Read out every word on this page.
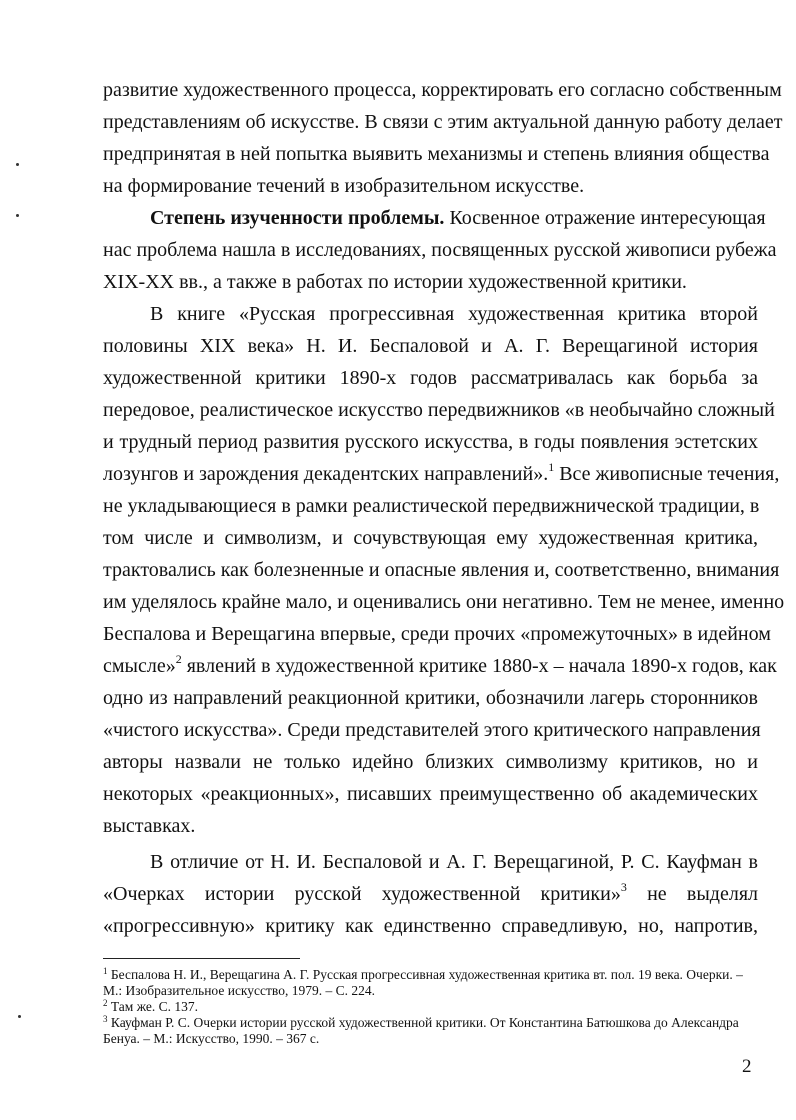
развитие художественного процесса, корректировать его согласно собственным
представлениям об искусстве. В связи с этим актуальной данную работу делает
предпринятая в ней попытка выявить механизмы и степень влияния общества
на формирование течений в изобразительном искусстве.
Степень изученности проблемы. Косвенное отражение интересующая
нас проблема нашла в исследованиях, посвященных русской живописи рубежа
XIX-XX вв., а также в работах по истории художественной критики.
В книге «Русская прогрессивная художественная критика второй
половины XIX века» Н. И. Беспаловой и А. Г. Верещагиной история
художественной критики 1890-х годов рассматривалась как борьба за
передовое, реалистическое искусство передвижников «в необычайно сложный
и трудный период развития русского искусства, в годы появления эстетских
лозунгов и зарождения декадентских направлений».$^1$ Все живописные течения,
не укладывающиеся в рамки реалистической передвижнической традиции, в
том числе и символизм, и сочувствующая ему художественная критика,
трактовались как болезненные и опасные явления и, соответственно, внимания
им уделялось крайне мало, и оценивались они негативно. Тем не менее, именно
Беспалова и Верещагина впервые, среди прочих «промежуточных» в идейном
смысле»$^2$ явлений в художественной критике 1880-х – начала 1890-х годов, как
одно из направлений реакционной критики, обозначили лагерь сторонников
«чистого искусства». Среди представителей этого критического направления
авторы назвали не только идейно близких символизму критиков, но и
некоторых «реакционных», писавших преимущественно об академических
выставках.
В отличие от Н. И. Беспаловой и А. Г. Верещагиной, Р. С. Кауфман в
«Очерках истории русской художественной критики»$^3$ не выделял
«прогрессивную» критику как единственно справедливую, но, напротив,
$^1$ Беспалова Н. И., Верещагина А. Г. Русская прогрессивная художественная критика вт. пол. 19 века. Очерки. –
М.: Изобразительное искусство, 1979. – С. 224.
$^2$ Там же. С. 137.
$^3$ Кауфман Р. С. Очерки истории русской художественной критики. От Константина Батюшкова до Александра
Бенуа. – М.: Искусство, 1990. – 367 с.
2
